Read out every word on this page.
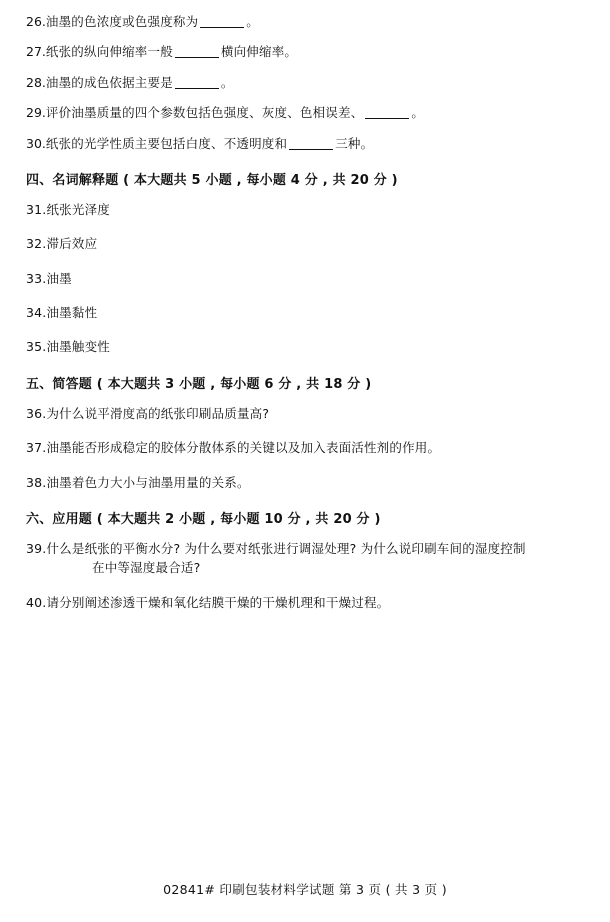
26.油墨的色浓度或色强度称为	。
27.纸张的纵向伸缩率一般	横向伸缩率。
28.油墨的成色依据主要是	。
29.评价油墨质量的四个参数包括色强度、灰度、色相误差、	。
30.纸张的光学性质主要包括白度、不透明度和	三种。
四、名词解释题 ( 本大题共 5 小题 , 每小题 4 分 , 共 20 分 )
31.纸张光泽度
32.滞后效应
33.油墨
34.油墨黏性
35.油墨触变性
五、简答题 ( 本大题共 3 小题 , 每小题 6 分 , 共 18 分 )
36.为什么说平滑度高的纸张印刷品质量高?
37.油墨能否形成稳定的胶体分散体系的关键以及加入表面活性剂的作用。
38.油墨着色力大小与油墨用量的关系。
六、应用题 ( 本大题共 2 小题 , 每小题 10 分 , 共 20 分 )
39.什么是纸张的平衡水分? 为什么要对纸张进行调湿处理? 为什么说印刷车间的湿度控制
在中等湿度最合适?
40.请分别阐述渗透干燥和氧化结膜干燥的干燥机理和干燥过程。
02841# 印刷包装材料学试题 第 3 页 ( 共 3 页 )
